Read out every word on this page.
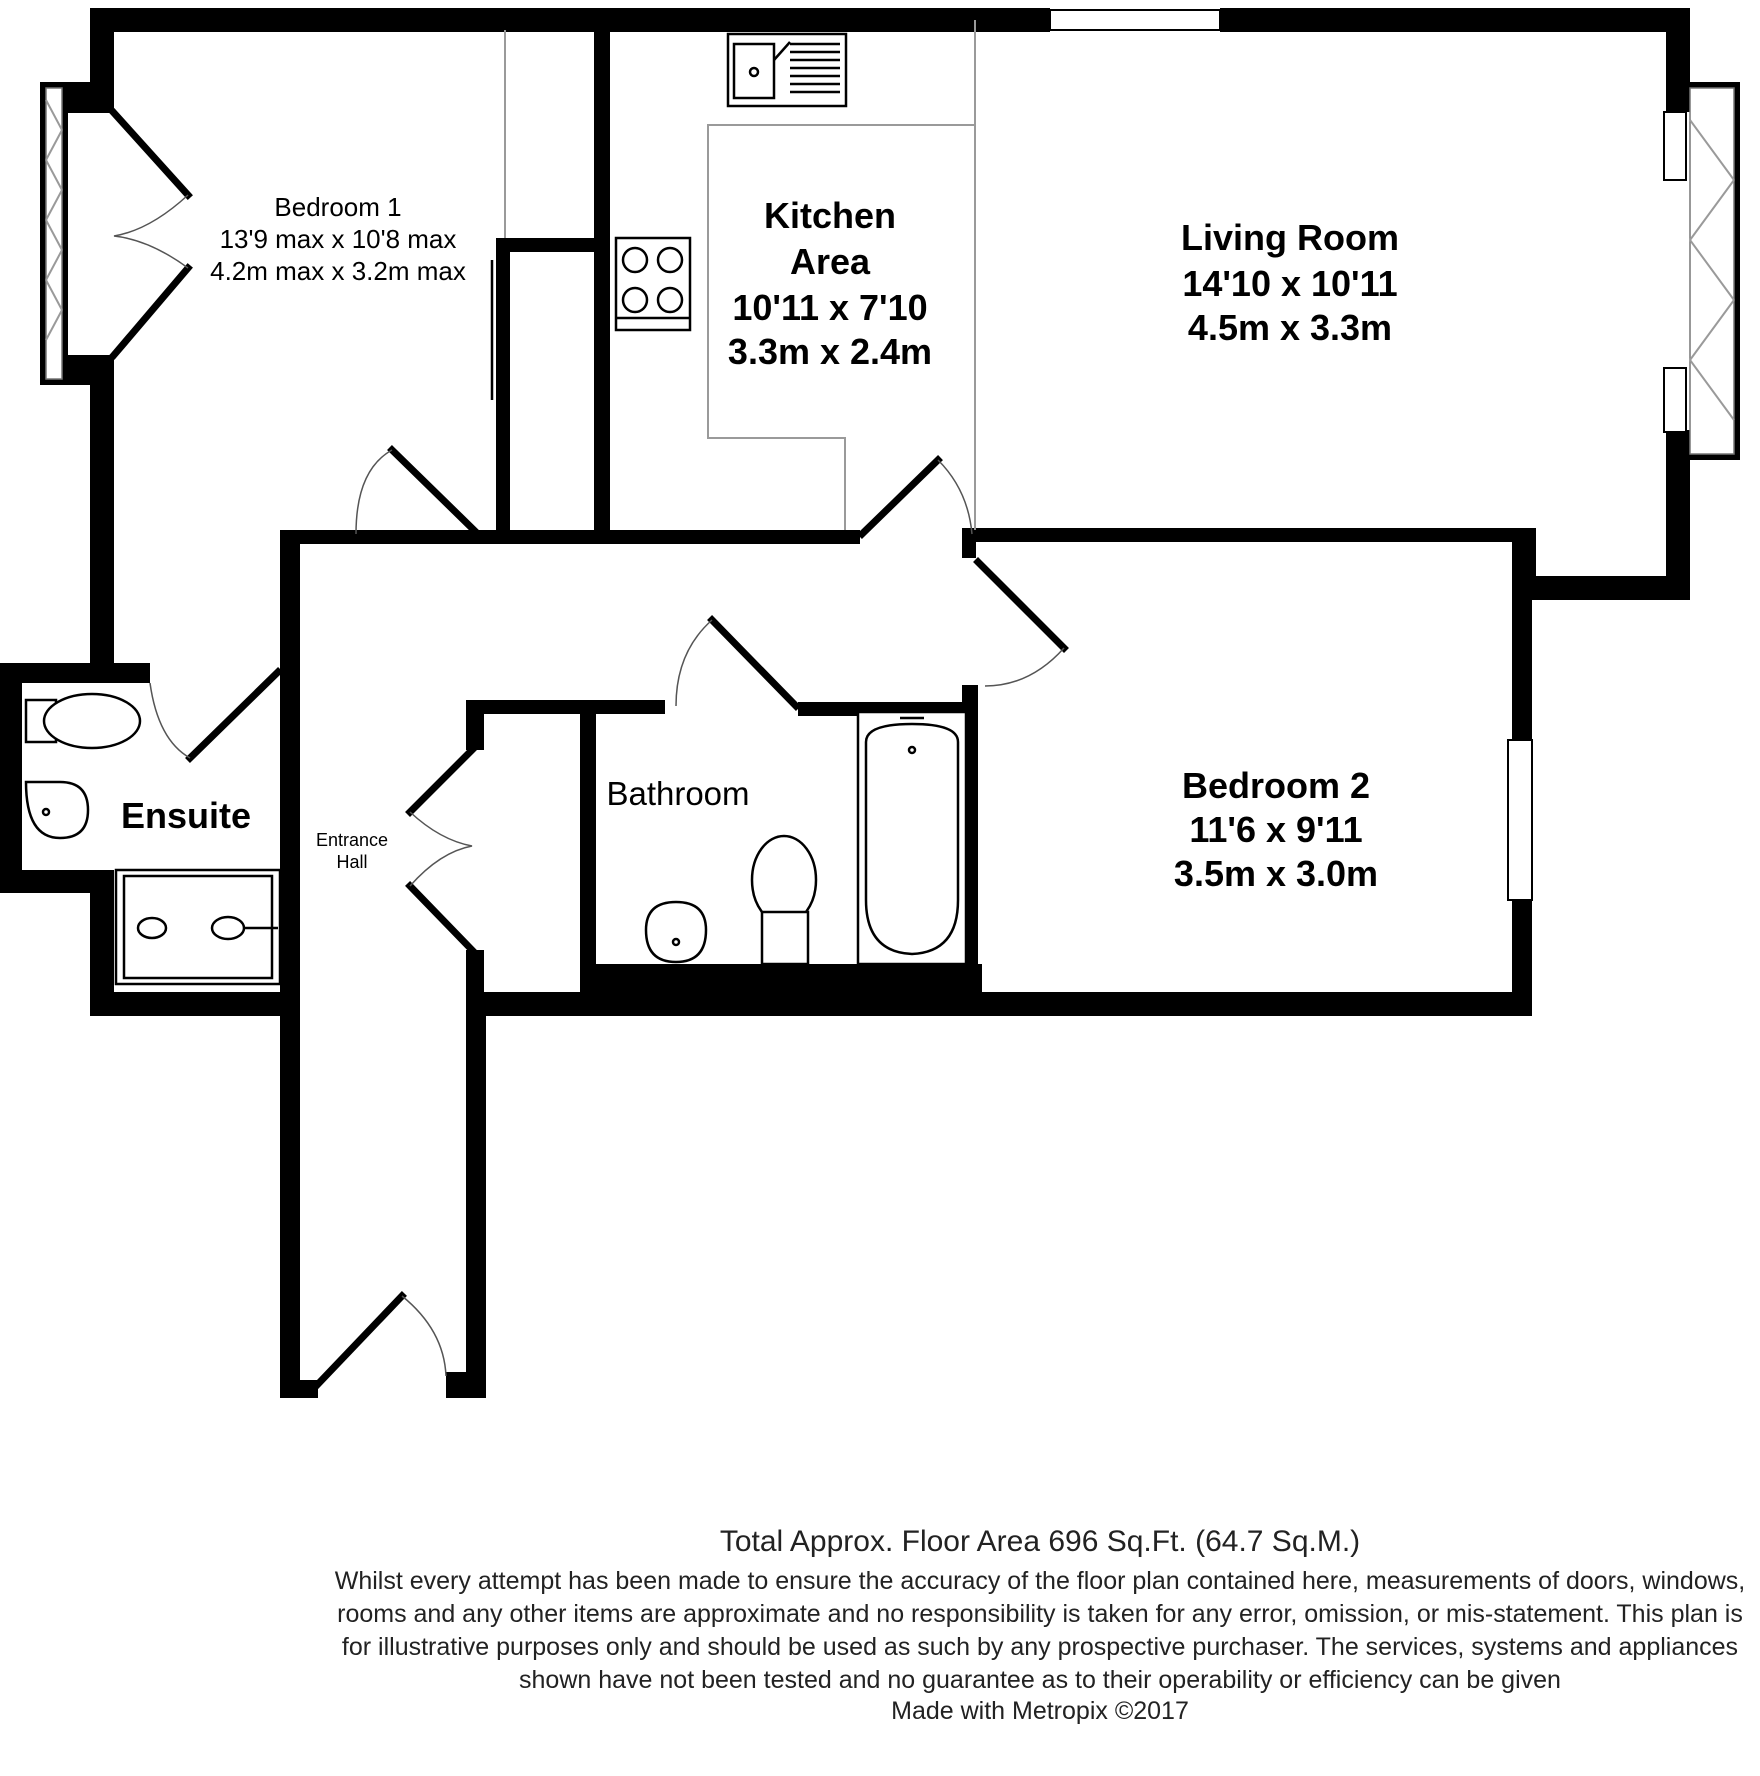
Bedroom 1
13'9 max x 10'8 max
4.2m max x 3.2m max
Kitchen
Area
10'11 x 7'10
3.3m x 2.4m
Living Room
14'10 x 10'11
4.5m x 3.3m
Ensuite
Entrance
Hall
Bathroom	Bedroom 2
11'6 x 9'11
3.5m x 3.0m
Total Approx. Floor Area 696 Sq.Ft. (64.7 Sq.M.)
Whilst every attempt has been made to ensure the accuracy of the floor plan contained here, measurements of doors, windows, rooms and any other items are approximate and no responsibility is taken for any error, omission, or mis-statement. This plan is for illustrative purposes only and should be used as such by any prospective purchaser. The services, systems and appliances shown have not been tested and no guarantee as to their operability or efficiency can be given
Made with Metropix ©2017
